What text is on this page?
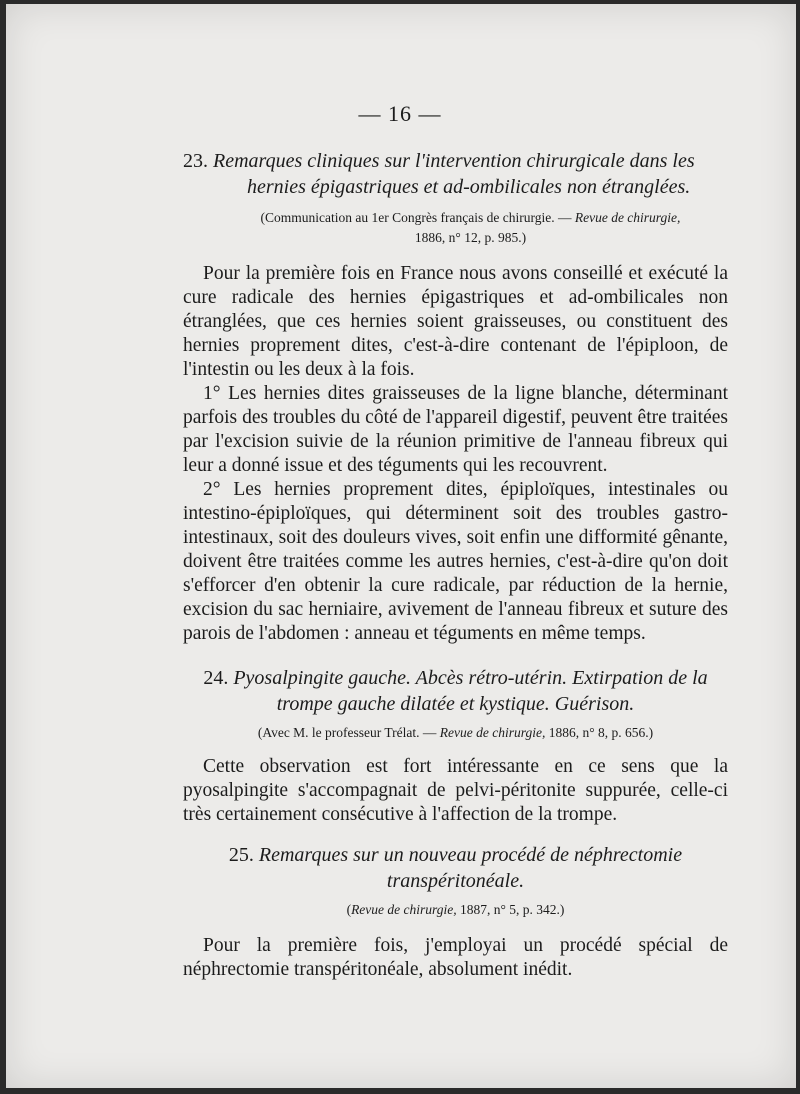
— 16 —

23. Remarques cliniques sur l'intervention chirurgicale dans les
hernies épigastriques et ad-ombilicales non étranglées.

(Communication au 1er Congrès français de chirurgie. — Revue de chirurgie,
1886, n° 12, p. 985.)

Pour la première fois en France nous avons conseillé et exécuté la cure radicale des hernies épigastriques et ad-ombilicales non étranglées, que ces hernies soient graisseuses, ou constituent des hernies proprement dites, c'est-à-dire contenant de l'épiploon, de l'intestin ou les deux à la fois.

1° Les hernies dites graisseuses de la ligne blanche, déterminant parfois des troubles du côté de l'appareil digestif, peuvent être traitées par l'excision suivie de la réunion primitive de l'anneau fibreux qui leur a donné issue et des téguments qui les recouvrent.

2° Les hernies proprement dites, épiploïques, intestinales ou intestino-épiploïques, qui déterminent soit des troubles gastro-intestinaux, soit des douleurs vives, soit enfin une difformité gênante, doivent être traitées comme les autres hernies, c'est-à-dire qu'on doit s'efforcer d'en obtenir la cure radicale, par réduction de la hernie, excision du sac herniaire, avivement de l'anneau fibreux et suture des parois de l'abdomen : anneau et téguments en même temps.

24. Pyosalpingite gauche. Abcès rétro-utérin. Extirpation de la
trompe gauche dilatée et kystique. Guérison.

(Avec M. le professeur Trélat. — Revue de chirurgie, 1886, n° 8, p. 656.)

Cette observation est fort intéressante en ce sens que la pyosalpingite s'accompagnait de pelvi-péritonite suppurée, celle-ci très certainement consécutive à l'affection de la trompe.

25. Remarques sur un nouveau procédé de néphrectomie
transpéritonéale.

(Revue de chirurgie, 1887, n° 5, p. 342.)

Pour la première fois, j'employai un procédé spécial de néphrectomie transpéritonéale, absolument inédit.
